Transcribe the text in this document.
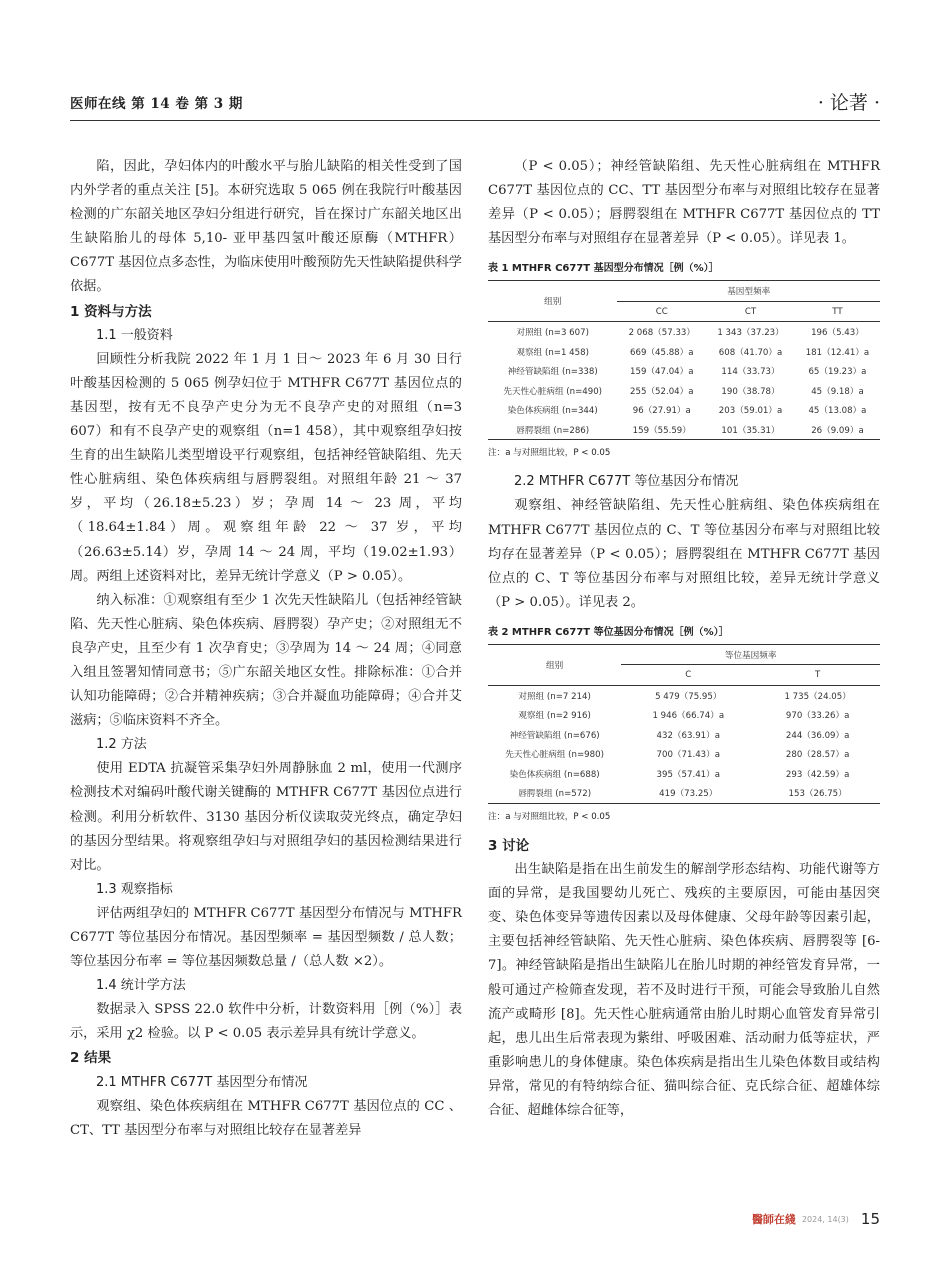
医师在线 第 14 卷 第 3 期	· 论著 ·

陷，因此，孕妇体内的叶酸水平与胎儿缺陷的相关性受到了国内外学者的重点关注 [5]。本研究选取 5 065 例在我院行叶酸基因检测的广东韶关地区孕妇分组进行研究，旨在探讨广东韶关地区出生缺陷胎儿的母体 5,10- 亚甲基四氢叶酸还原酶（MTHFR）C677T 基因位点多态性，为临床使用叶酸预防先天性缺陷提供科学依据。

1 资料与方法
1.1 一般资料

回顾性分析我院 2022 年 1 月 1 日～ 2023 年 6 月 30 日行叶酸基因检测的 5 065 例孕妇位于 MTHFR C677T 基因位点的基因型，按有无不良孕产史分为无不良孕产史的对照组（n=3 607）和有不良孕产史的观察组（n=1 458），其中观察组孕妇按生育的出生缺陷儿类型增设平行观察组，包括神经管缺陷组、先天性心脏病组、染色体疾病组与唇腭裂组。对照组年龄 21 ～ 37 岁，平均（26.18±5.23）岁；孕周 14 ～ 23 周，平均（18.64±1.84）周。观察组年龄 22 ～ 37 岁，平均（26.63±5.14）岁，孕周 14 ～ 24 周，平均（19.02±1.93）周。两组上述资料对比，差异无统计学意义（P > 0.05）。

纳入标准：①观察组有至少 1 次先天性缺陷儿（包括神经管缺陷、先天性心脏病、染色体疾病、唇腭裂）孕产史；②对照组无不良孕产史，且至少有 1 次孕育史；③孕周为 14 ～ 24 周；④同意入组且签署知情同意书；⑤广东韶关地区女性。排除标准：①合并认知功能障碍；②合并精神疾病；③合并凝血功能障碍；④合并艾滋病；⑤临床资料不齐全。

1.2 方法

使用 EDTA 抗凝管采集孕妇外周静脉血 2 ml，使用一代测序检测技术对编码叶酸代谢关键酶的 MTHFR C677T 基因位点进行检测。利用分析软件、3130 基因分析仪读取荧光终点，确定孕妇的基因分型结果。将观察组孕妇与对照组孕妇的基因检测结果进行对比。

1.3 观察指标

评估两组孕妇的 MTHFR C677T 基因型分布情况与 MTHFR C677T 等位基因分布情况。基因型频率 = 基因型频数 / 总人数；等位基因分布率 = 等位基因频数总量 /（总人数 ×2）。

1.4 统计学方法

数据录入 SPSS 22.0 软件中分析，计数资料用［例（%）］表示，采用 χ2 检验。以 P < 0.05 表示差异具有统计学意义。

2 结果
2.1 MTHFR C677T 基因型分布情况

观察组、染色体疾病组在 MTHFR C677T 基因位点的 CC 、CT、TT 基因型分布率与对照组比较存在显著差异

（P < 0.05）；神经管缺陷组、先天性心脏病组在 MTHFR C677T 基因位点的 CC、TT 基因型分布率与对照组比较存在显著差异（P < 0.05）；唇腭裂组在 MTHFR C677T 基因位点的 TT 基因型分布率与对照组存在显著差异（P < 0.05）。详见表 1。

表 1 MTHFR C677T 基因型分布情况［例（%）］
组别	基因型频率		
	CC	CT	TT
对照组 (n=3 607)	2 068（57.33）	1 343（37.23）	196（5.43）
观察组 (n=1 458)	669（45.88）a	608（41.70）a	181（12.41）a
神经管缺陷组 (n=338)	159（47.04）a	114（33.73）	65（19.23）a
先天性心脏病组 (n=490)	255（52.04）a	190（38.78）	45（9.18）a
染色体疾病组 (n=344)	96（27.91）a	203（59.01）a	45（13.08）a
唇腭裂组 (n=286)	159（55.59）	101（35.31）	26（9.09）a
注：a 与对照组比较，P < 0.05
2.2 MTHFR C677T 等位基因分布情况

观察组、神经管缺陷组、先天性心脏病组、染色体疾病组在 MTHFR C677T 基因位点的 C、T 等位基因分布率与对照组比较均存在显著差异（P < 0.05）；唇腭裂组在 MTHFR C677T 基因位点的 C、T 等位基因分布率与对照组比较，差异无统计学意义（P > 0.05）。详见表 2。

表 2 MTHFR C677T 等位基因分布情况［例（%）］
组别	等位基因频率	
	C	T
对照组 (n=7 214)	5 479（75.95）	1 735（24.05）
观察组 (n=2 916)	1 946（66.74）a	970（33.26）a
神经管缺陷组 (n=676)	432（63.91）a	244（36.09）a
先天性心脏病组 (n=980)	700（71.43）a	280（28.57）a
染色体疾病组 (n=688)	395（57.41）a	293（42.59）a
唇腭裂组 (n=572)	419（73.25）	153（26.75）
注：a 与对照组比较，P < 0.05
3 讨论

出生缺陷是指在出生前发生的解剖学形态结构、功能代谢等方面的异常，是我国婴幼儿死亡、残疾的主要原因，可能由基因突变、染色体变异等遗传因素以及母体健康、父母年龄等因素引起，主要包括神经管缺陷、先天性心脏病、染色体疾病、唇腭裂等 [6-7]。神经管缺陷是指出生缺陷儿在胎儿时期的神经管发育异常，一般可通过产检筛查发现，若不及时进行干预，可能会导致胎儿自然流产或畸形 [8]。先天性心脏病通常由胎儿时期心血管发育异常引起，患儿出生后常表现为紫绀、呼吸困难、活动耐力低等症状，严重影响患儿的身体健康。染色体疾病是指出生儿染色体数目或结构异常，常见的有特纳综合征、猫叫综合征、克氏综合征、超雄体综合征、超雌体综合征等，

醫師在綫 2024, 14(3) 15
